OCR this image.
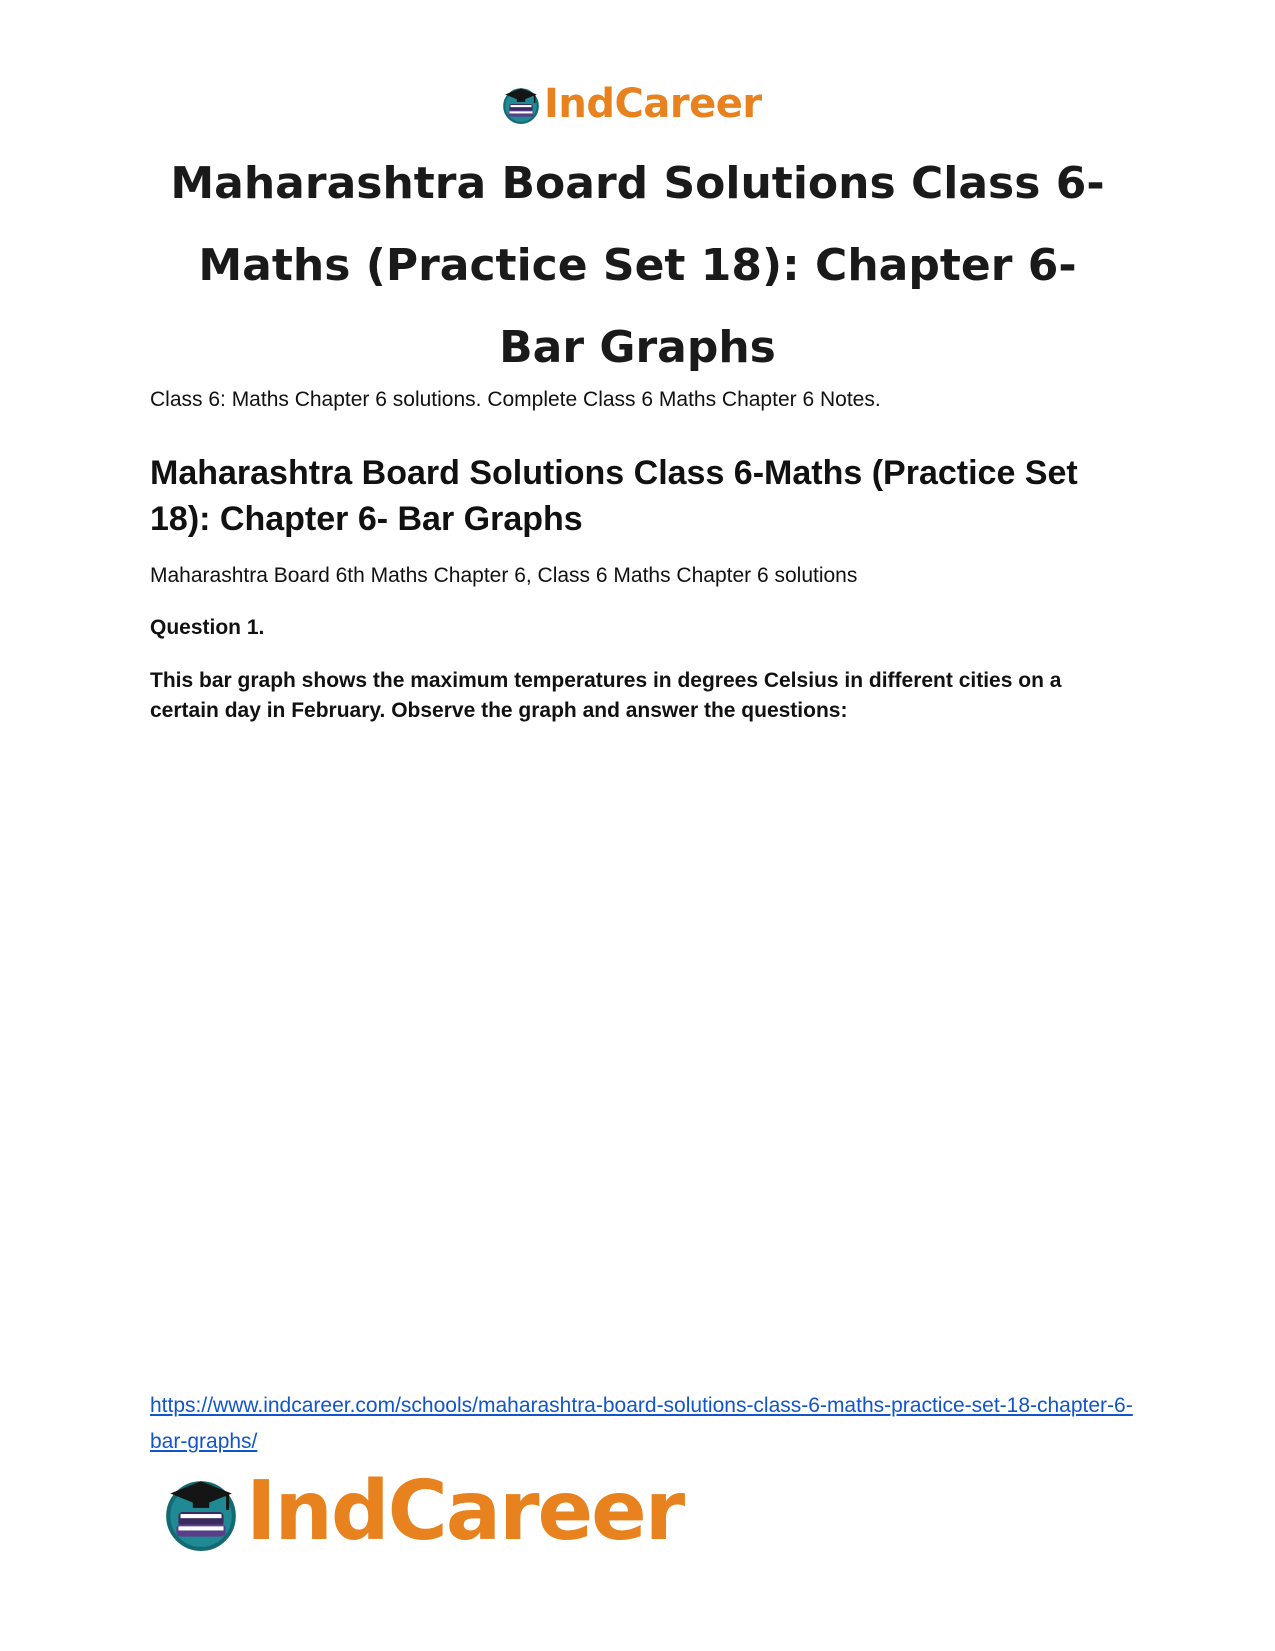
IndCareer
Maharashtra Board Solutions Class 6-Maths (Practice Set 18): Chapter 6- Bar Graphs

Class 6: Maths Chapter 6 solutions. Complete Class 6 Maths Chapter 6 Notes.

Maharashtra Board Solutions Class 6-Maths (Practice Set 18): Chapter 6- Bar Graphs

Maharashtra Board 6th Maths Chapter 6, Class 6 Maths Chapter 6 solutions

Question 1.

This bar graph shows the maximum temperatures in degrees Celsius in different cities on a certain day in February. Observe the graph and answer the questions:

https://www.indcareer.com/schools/maharashtra-board-solutions-class-6-maths-practice-set-18-chapter-6-bar-graphs/
IndCareer
